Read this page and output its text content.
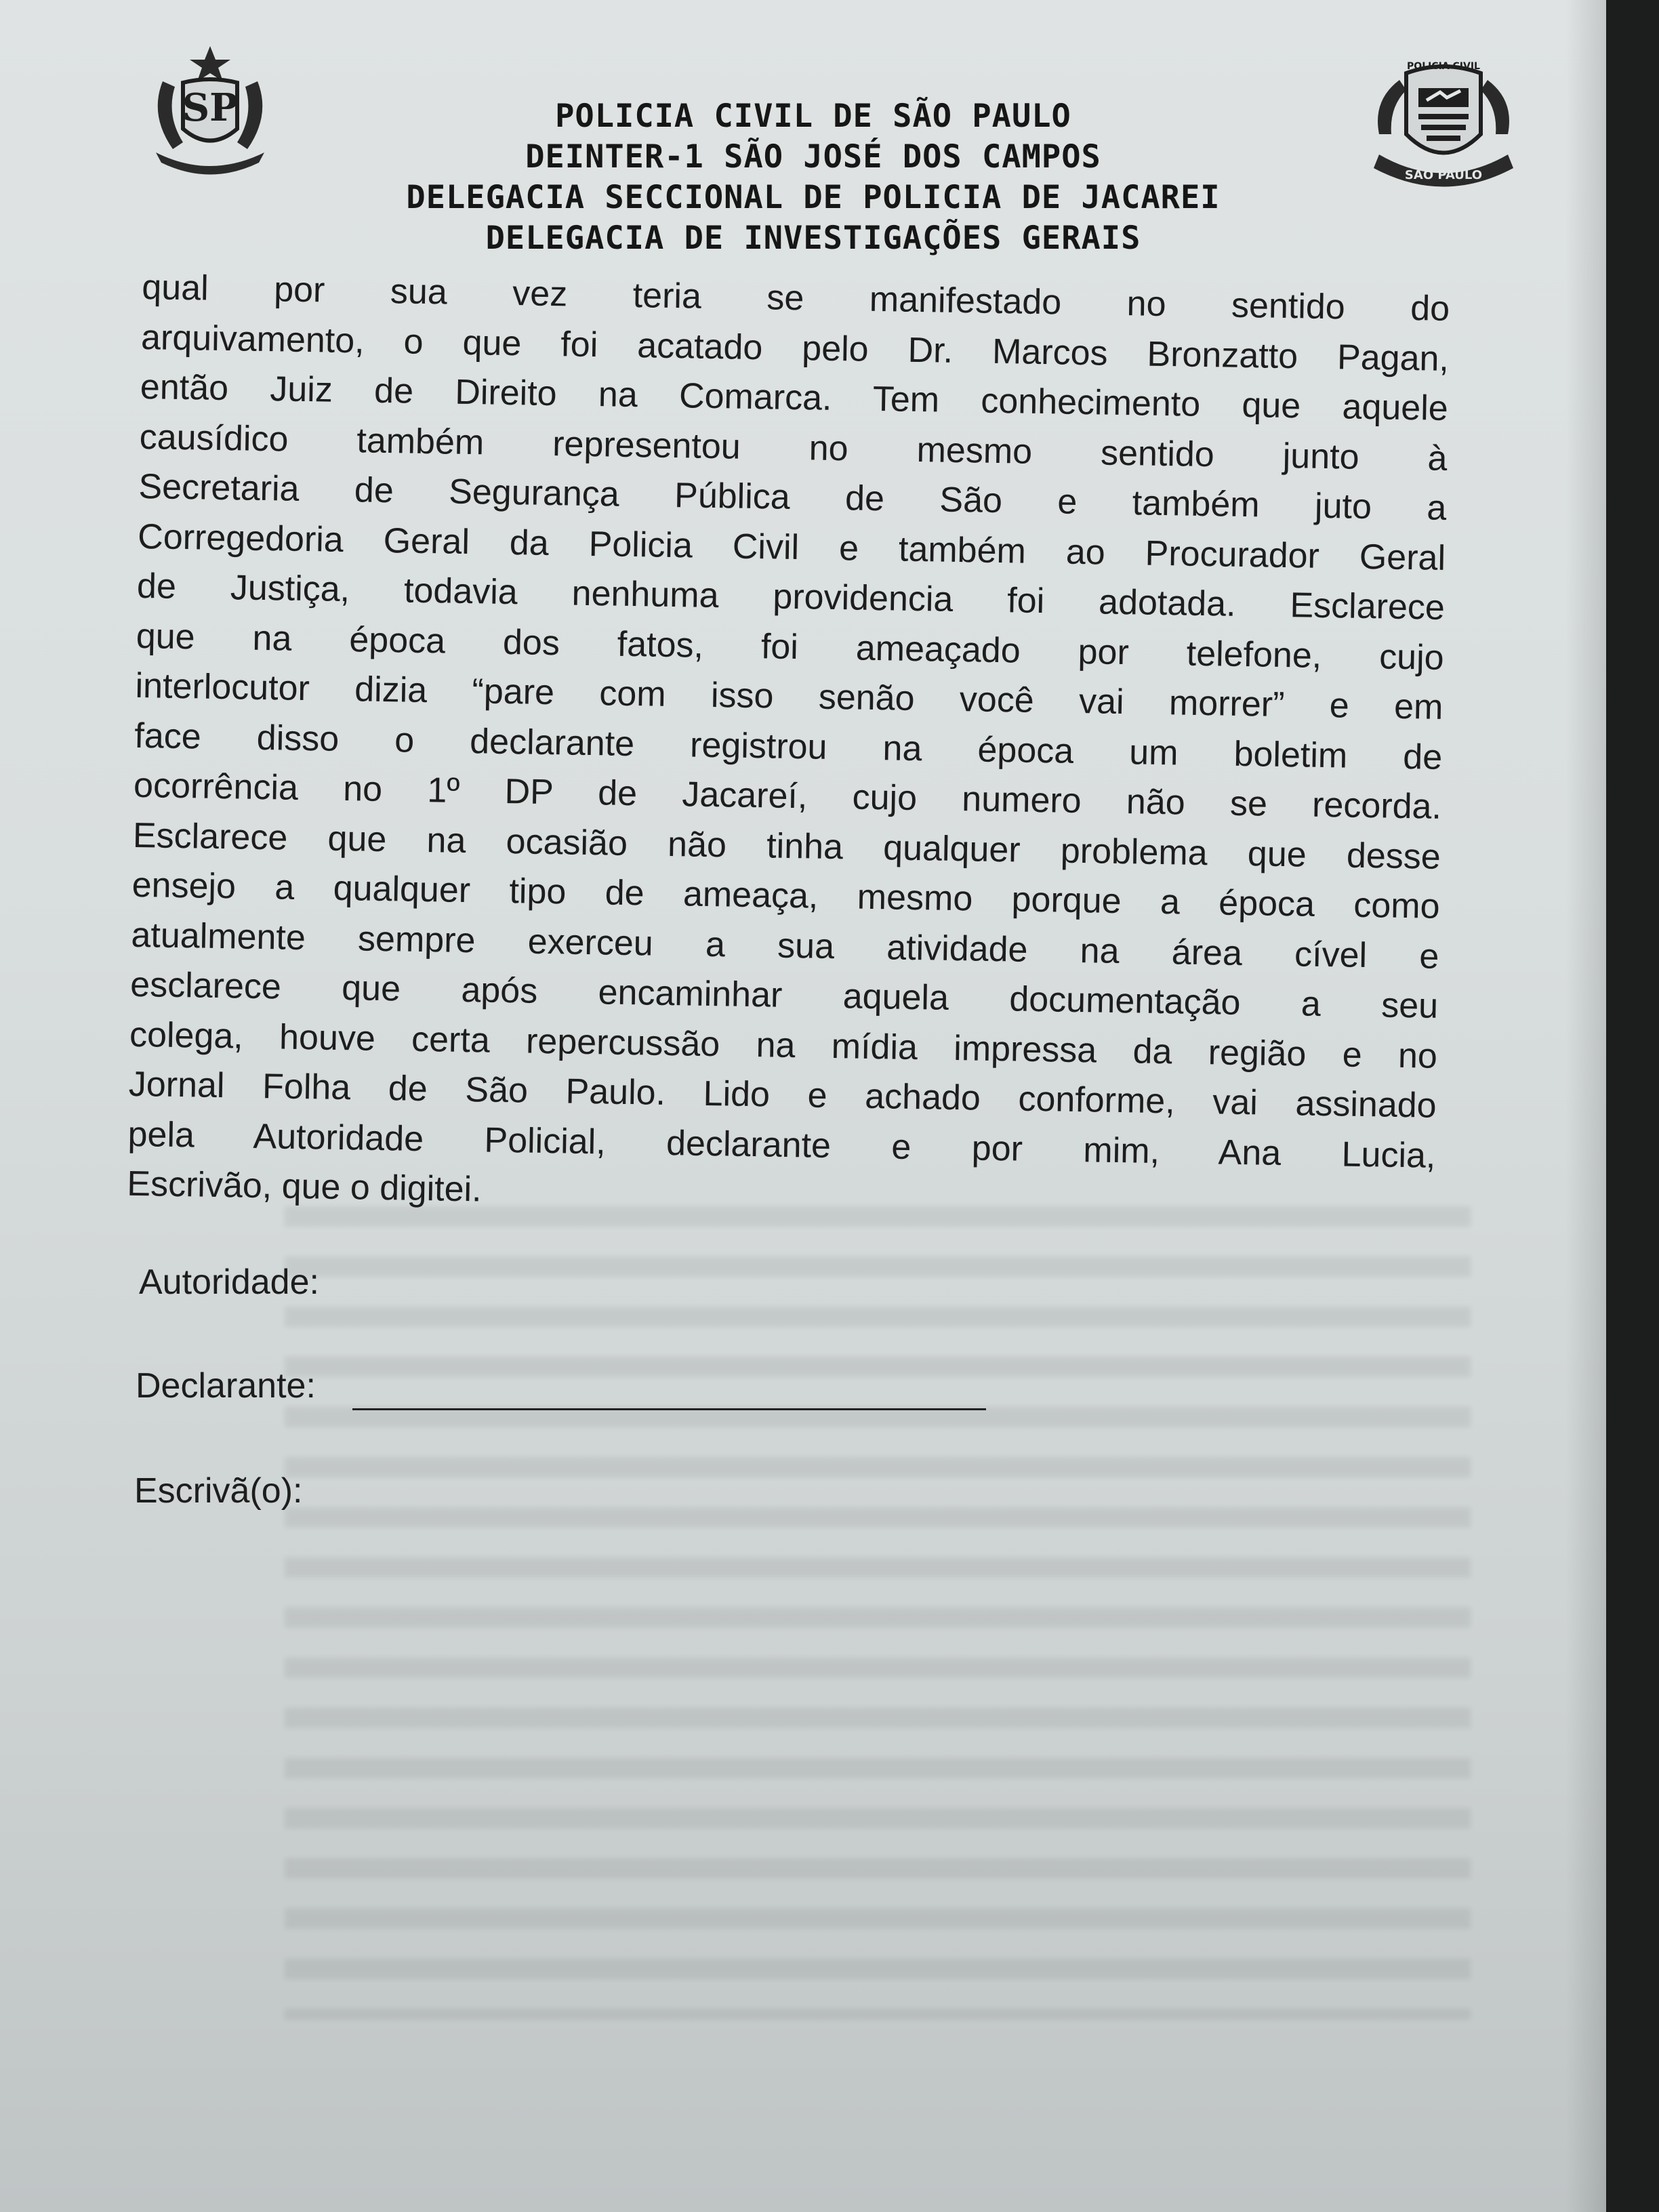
SP
POLICIA CIVIL
SÃO PAULO
POLICIA CIVIL DE SÃO PAULO
DEINTER-1 SÃO JOSÉ DOS CAMPOS
DELEGACIA SECCIONAL DE POLICIA DE JACAREI
DELEGACIA DE INVESTIGAÇÕES GERAIS
qual por sua vez teria se manifestado no sentido do
arquivamento, o que foi acatado pelo Dr. Marcos Bronzatto Pagan,
então Juiz de Direito na Comarca. Tem conhecimento que aquele
causídico também representou no mesmo sentido junto à
Secretaria de Segurança Pública de São e também juto a
Corregedoria Geral da Policia Civil e também ao Procurador Geral
de Justiça, todavia nenhuma providencia foi adotada. Esclarece
que na época dos fatos, foi ameaçado por telefone, cujo
interlocutor dizia “pare com isso senão você vai morrer” e em
face disso o declarante registrou na época um boletim de
ocorrência no 1º DP de Jacareí, cujo numero não se recorda.
Esclarece que na ocasião não tinha qualquer problema que desse
ensejo a qualquer tipo de ameaça, mesmo porque a época como
atualmente sempre exerceu a sua atividade na área cível e
esclarece que após encaminhar aquela documentação a seu
colega, houve certa repercussão na mídia impressa da região e no
Jornal Folha de São Paulo. Lido e achado conforme, vai assinado
pela Autoridade Policial, declarante e por mim, Ana Lucia,
Escrivão, que o digitei.
Autoridade:
Declarante:
Escrivã(o):
